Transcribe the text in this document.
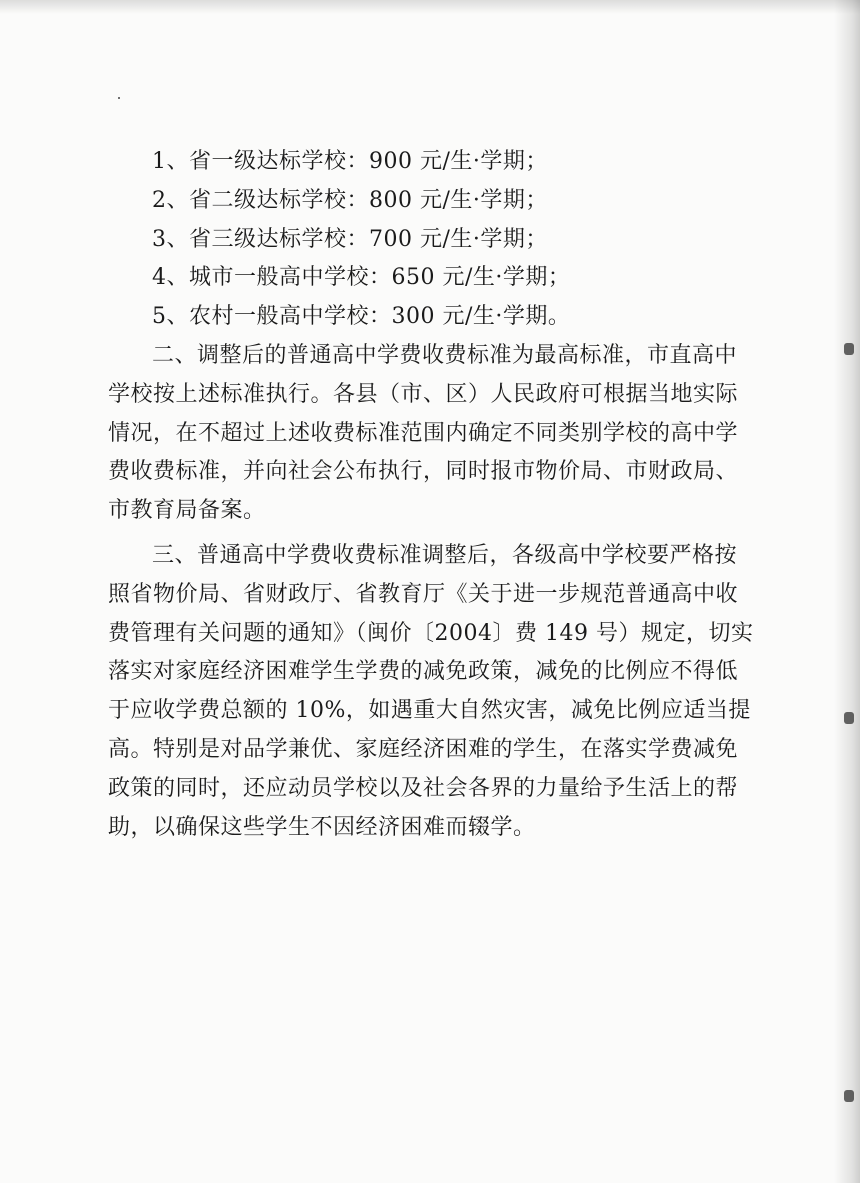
1、省一级达标学校：900 元/生·学期；
2、省二级达标学校：800 元/生·学期；
3、省三级达标学校：700 元/生·学期；
4、城市一般高中学校：650 元/生·学期；
5、农村一般高中学校：300 元/生·学期。
二、调整后的普通高中学费收费标准为最高标准，市直高中
学校按上述标准执行。各县（市、区）人民政府可根据当地实际
情况，在不超过上述收费标准范围内确定不同类别学校的高中学
费收费标准，并向社会公布执行，同时报市物价局、市财政局、
市教育局备案。
三、普通高中学费收费标准调整后，各级高中学校要严格按
照省物价局、省财政厅、省教育厅《关于进一步规范普通高中收
费管理有关问题的通知》（闽价〔2004〕费 149 号）规定，切实
落实对家庭经济困难学生学费的减免政策，减免的比例应不得低
于应收学费总额的 10%，如遇重大自然灾害，减免比例应适当提
高。特别是对品学兼优、家庭经济困难的学生，在落实学费减免
政策的同时，还应动员学校以及社会各界的力量给予生活上的帮
助，以确保这些学生不因经济困难而辍学。
